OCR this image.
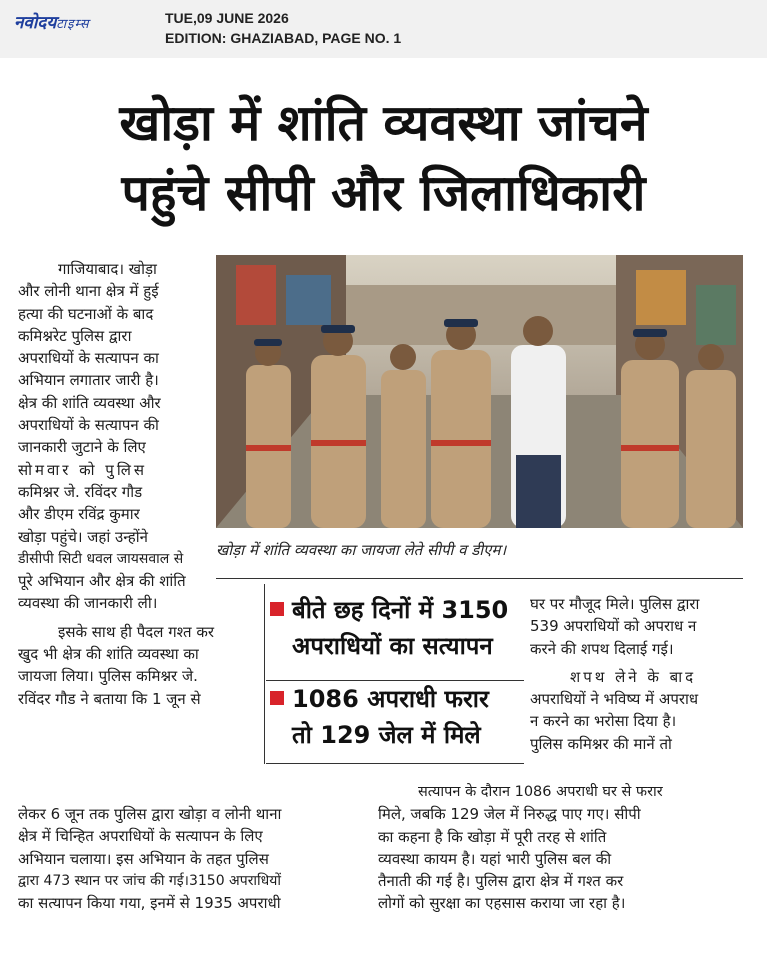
नवोदयटाइम्स	TUE,09 JUNE 2026
EDITION: GHAZIABAD, PAGE NO. 1
खोड़ा में शांति व्यवस्था जांचने
पहुंचे सीपी और जिलाधिकारी

गाजियाबाद। खोड़ा

और लोनी थाना क्षेत्र में हुई

हत्या की घटनाओं के बाद

कमिश्नरेट पुलिस द्वारा

अपराधियों के सत्यापन का

अभियान लगातार जारी है।

क्षेत्र की शांति व्यवस्था और

अपराधियों के सत्यापन की

जानकारी जुटाने के लिए

सोमवार को पुलिस

कमिश्नर जे. रविंदर गौड

और डीएम रविंद्र कुमार

खोड़ा पहुंचे। जहां उन्होंने

डीसीपी सिटी धवल जायसवाल से

पूरे अभियान और क्षेत्र की शांति

व्यवस्था की जानकारी ली।

इसके साथ ही पैदल गश्त कर

खुद भी क्षेत्र की शांति व्यवस्था का

जायजा लिया। पुलिस कमिश्नर जे.

रविंदर गौड ने बताया कि 1 जून से

खोड़ा में शांति व्यवस्था का जायजा लेते सीपी व डीएम।
बीते छह दिनों में 3150
अपराधियों का सत्यापन
1086 अपराधी फरार
तो 129 जेल में मिले

घर पर मौजूद मिले। पुलिस द्वारा

539 अपराधियों को अपराध न

करने की शपथ दिलाई गई।

शपथ लेने के बाद

अपराधियों ने भविष्य में अपराध

न करने का भरोसा दिया है।

पुलिस कमिश्नर की मानें तो

लेकर 6 जून तक पुलिस द्वारा खोड़ा व लोनी थाना

क्षेत्र में चिन्हित अपराधियों के सत्यापन के लिए

अभियान चलाया। इस अभियान के तहत पुलिस

द्वारा 473 स्थान पर जांच की गई।3150 अपराधियों

का सत्यापन किया गया, इनमें से 1935 अपराधी

सत्यापन के दौरान 1086 अपराधी घर से फरार

मिले, जबकि 129 जेल में निरुद्ध पाए गए। सीपी

का कहना है कि खोड़ा में पूरी तरह से शांति

व्यवस्था कायम है। यहां भारी पुलिस बल की

तैनाती की गई है। पुलिस द्वारा क्षेत्र में गश्त कर

लोगों को सुरक्षा का एहसास कराया जा रहा है।
